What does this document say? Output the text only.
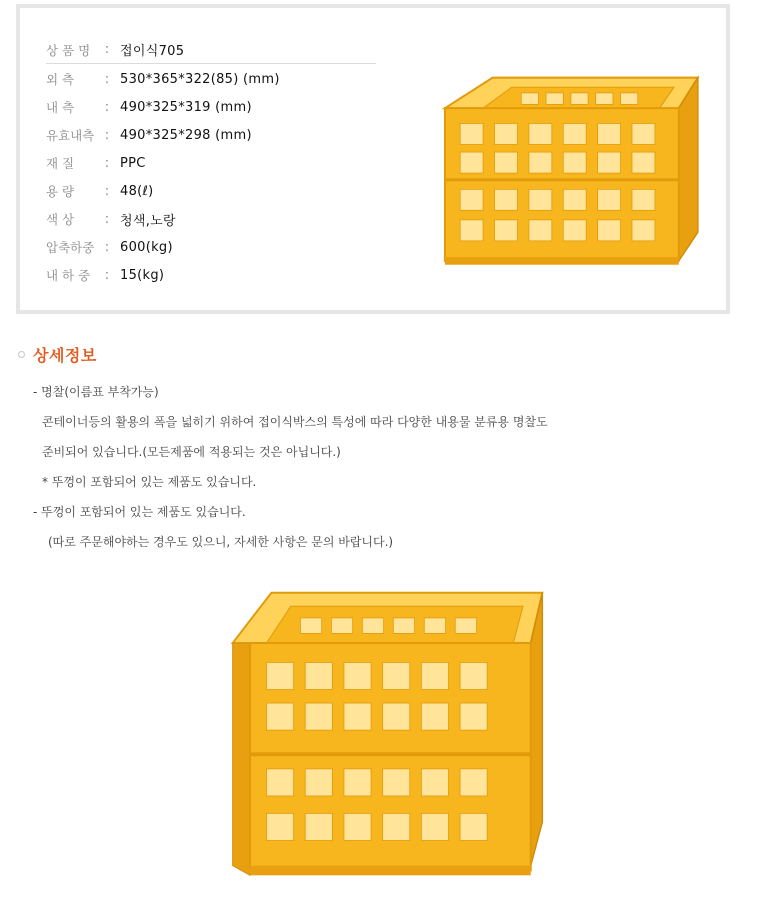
상 품 명	: 접이식705
외 측	: 530*365*322(85) (mm)
내 측	: 490*325*319 (mm)
유효내측 : 490*325*298 (mm)
재 질	: PPC
용 량	: 48(ℓ)
색 상	: 청색,노랑
압축하중 : 600(kg)
내 하 중	: 15(kg)
상세정보
- 명찰(이름표 부착가능)
콘테이너등의 활용의 폭을 넓히기 위하여 접이식박스의 특성에 따라 다양한 내용물 분류용 명찰도
준비되어 있습니다.(모든제품에 적용되는 것은 아닙니다.)
* 뚜껑이 포함되어 있는 제품도 있습니다.
- 뚜껑이 포함되어 있는 제품도 있습니다.
(따로 주문해야하는 경우도 있으니, 자세한 사항은 문의 바랍니다.)
